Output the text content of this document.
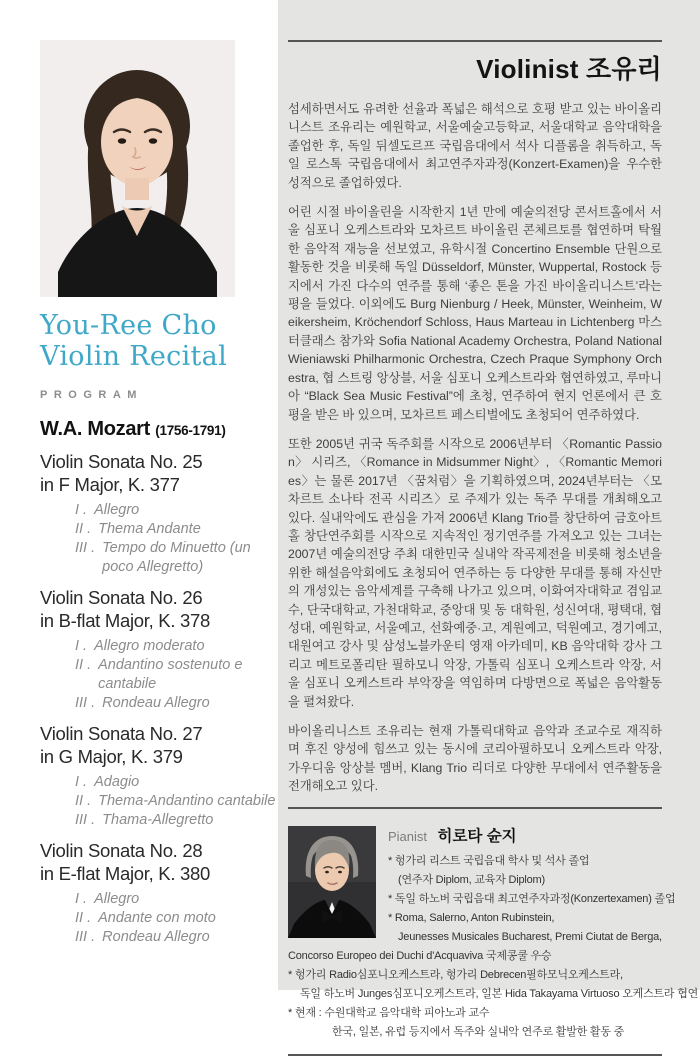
You-Ree Cho
Violin Recital
PROGRAM
W.A. Mozart (1756-1791)
Violin Sonata No. 25
in F Major, K. 377
I . Allegro
II . Thema Andante
III . Tempo do Minuetto (un poco Allegretto)
Violin Sonata No. 26
in B-flat Major, K. 378
I . Allegro moderato
II . Andantino sostenuto e cantabile
III . Rondeau Allegro
Violin Sonata No. 27
in G Major, K. 379
I . Adagio
II . Thema-Andantino cantabile
III . Thama-Allegretto
Violin Sonata No. 28
in E-flat Major, K. 380
I . Allegro
II . Andante con moto
III . Rondeau Allegro
Violinist 조유리

섬세하면서도 유려한 선율과 폭넓은 해석으로 호평 받고 있는 바이올리니스트 조유리는 예원학교, 서울예술고등학교, 서울대학교 음악대학을 졸업한 후, 독일 뒤셀도르프 국립음대에서 석사 디플롬을 취득하고, 독일 로스톡 국립음대에서 최고연주자과정(Konzert-Examen)을 우수한 성적으로 졸업하였다.

어린 시절 바이올린을 시작한지 1년 만에 예술의전당 콘서트홀에서 서울 심포니 오케스트라와 모차르트 바이올린 콘체르토를 협연하며 탁월한 음악적 재능을 선보였고, 유학시절 Concertino Ensemble 단원으로 활동한 것을 비롯해 독일 Düsseldorf, Münster, Wuppertal, Rostock 등지에서 가진 다수의 연주를 통해 ‘좋은 톤을 가진 바이올리니스트’라는 평을 들었다. 이외에도 Burg Nienburg / Heek, Münster, Weinheim, Weikersheim, Kröchendorf Schloss, Haus Marteau in Lichtenberg 마스터클래스 참가와 Sofia National Academy Orchestra, Poland National Wieniawski Philharmonic Orchestra, Czech Praque Symphony Orchestra, 협 스트링 앙상블, 서울 심포니 오케스트라와 협연하였고, 루마니아 “Black Sea Music Festival”에 초청, 연주하여 현지 언론에서 큰 호평을 받은 바 있으며, 모차르트 페스티벌에도 초청되어 연주하였다.

또한 2005년 귀국 독주회를 시작으로 2006년부터 〈Romantic Passion〉 시리즈, 〈Romance in Midsummer Night〉, 〈Romantic Memories〉는 물론 2017년 〈꿈처럼〉을 기획하였으며, 2024년부터는 〈모차르트 소나타 전곡 시리즈〉로 주제가 있는 독주 무대를 개최해오고 있다. 실내악에도 관심을 가져 2006년 Klang Trio를 창단하여 금호아트홀 창단연주회를 시작으로 지속적인 정기연주를 가져오고 있는 그녀는 2007년 예술의전당 주최 대한민국 실내악 작곡제전을 비롯해 청소년을 위한 해설음악회에도 초청되어 연주하는 등 다양한 무대를 통해 자신만의 개성있는 음악세계를 구축해 나가고 있으며, 이화여자대학교 겸임교수, 단국대학교, 가천대학교, 중앙대 및 동 대학원, 성신여대, 평택대, 협성대, 예원학교, 서울예고, 선화예중·고, 계원예고, 덕원예고, 경기예고, 대원여고 강사 및 삼성노블카운티 영재 아카데미, KB 음악대학 강사 그리고 메트로폴리탄 필하모니 악장, 가톨릭 심포니 오케스트라 악장, 서울 심포니 오케스트라 부악장을 역임하며 다방면으로 폭넓은 음악활동을 펼쳐왔다.

바이올리니스트 조유리는 현재 가톨릭대학교 음악과 조교수로 재직하며 후진 양성에 힘쓰고 있는 동시에 코리아필하모니 오케스트라 악장, 가우디움 앙상블 멤버, Klang Trio 리더로 다양한 무대에서 연주활동을 전개해오고 있다.

Pianist 히로타 슌지
* 헝가리 리스트 국립음대 학사 및 석사 졸업
(연주자 Diplom, 교육자 Diplom)
* 독일 하노버 국립음대 최고연주자과정(Konzertexamen) 졸업
* Roma, Salerno, Anton Rubinstein,
Jeunesses Musicales Bucharest, Premi Ciutat de Berga,
Concorso Europeo dei Duchi d'Acquaviva 국제콩쿨 우승
* 헝가리 Radio심포니오케스트라, 헝가리 Debrecen필하모닉오케스트라,
독일 하노버 Junges심포니오케스트라, 일본 Hida Takayama Virtuoso 오케스트라 협연
* 현재 : 수원대학교 음악대학 피아노과 교수
한국, 일본, 유럽 등지에서 독주와 실내악 연주로 활발한 활동 중
